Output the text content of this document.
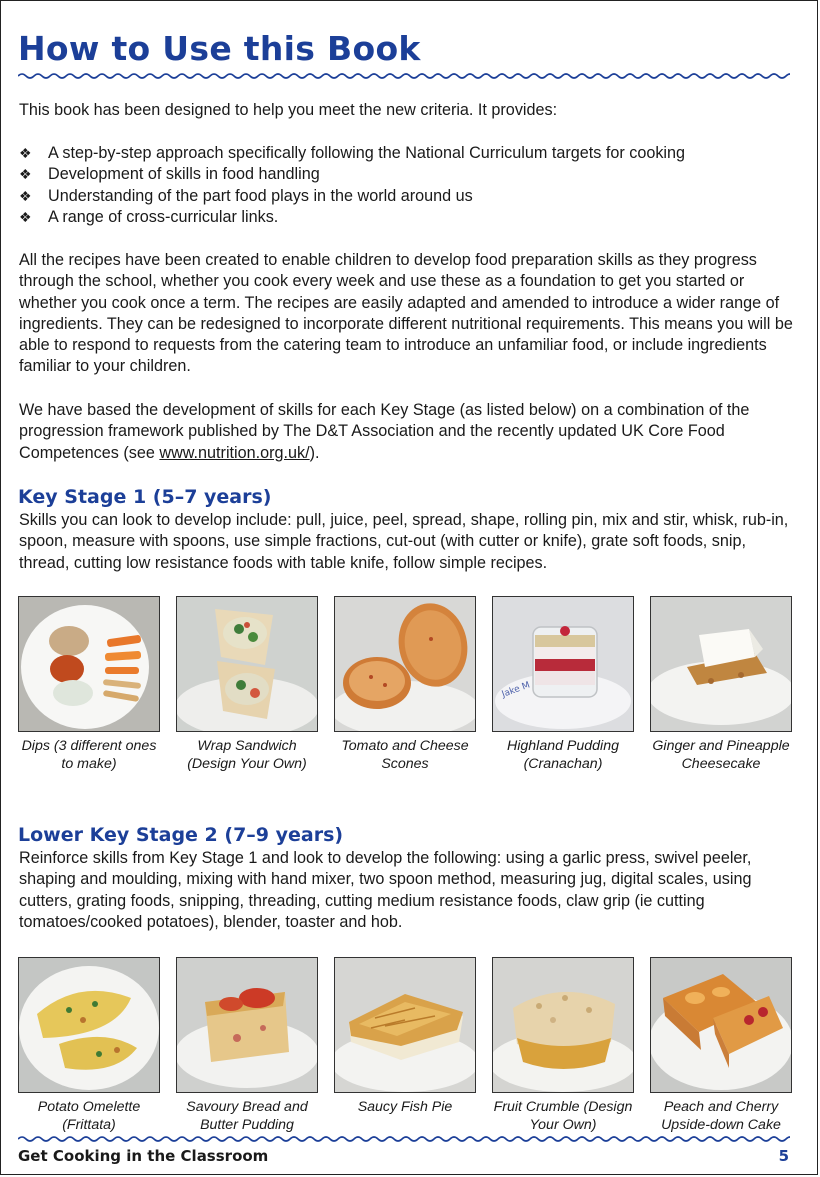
How to Use this Book

This book has been designed to help you meet the new criteria. It provides:

❖ A step-by-step approach specifically following the National Curriculum targets for cooking
❖ Development of skills in food handling
❖ Understanding of the part food plays in the world around us
❖ A range of cross-curricular links.

All the recipes have been created to enable children to develop food preparation skills as they progress through the school, whether you cook every week and use these as a foundation to get you started or whether you cook once a term. The recipes are easily adapted and amended to introduce a wider range of ingredients. They can be redesigned to incorporate different nutritional requirements. This means you will be able to respond to requests from the catering team to introduce an unfamiliar food, or include ingredients familiar to your children.

We have based the development of skills for each Key Stage (as listed below) on a combination of the progression framework published by The D&T Association and the recently updated UK Core Food Competences (see www.nutrition.org.uk/).

Key Stage 1 (5–7 years)

Skills you can look to develop include: pull, juice, peel, spread, shape, rolling pin, mix and stir, whisk, rub-in, spoon, measure with spoons, use simple fractions, cut-out (with cutter or knife), grate soft foods, snip, thread, cutting low resistance foods with table knife, follow simple recipes.

Dips (3 different ones to make)
Wrap Sandwich (Design Your Own)
Tomato and Cheese Scones
Jake M
Highland Pudding (Cranachan)
Ginger and Pineapple Cheesecake
Lower Key Stage 2 (7–9 years)

Reinforce skills from Key Stage 1 and look to develop the following: using a garlic press, swivel peeler, shaping and moulding, mixing with hand mixer, two spoon method, measuring jug, digital scales, using cutters, grating foods, snipping, threading, cutting medium resistance foods, claw grip (ie cutting tomatoes/cooked potatoes), blender, toaster and hob.

Potato Omelette (Frittata)
Savoury Bread and Butter Pudding
Saucy Fish Pie	Fruit Crumble (Design Your Own)
Peach and Cherry Upside-down Cake
Get Cooking in the Classroom	5
